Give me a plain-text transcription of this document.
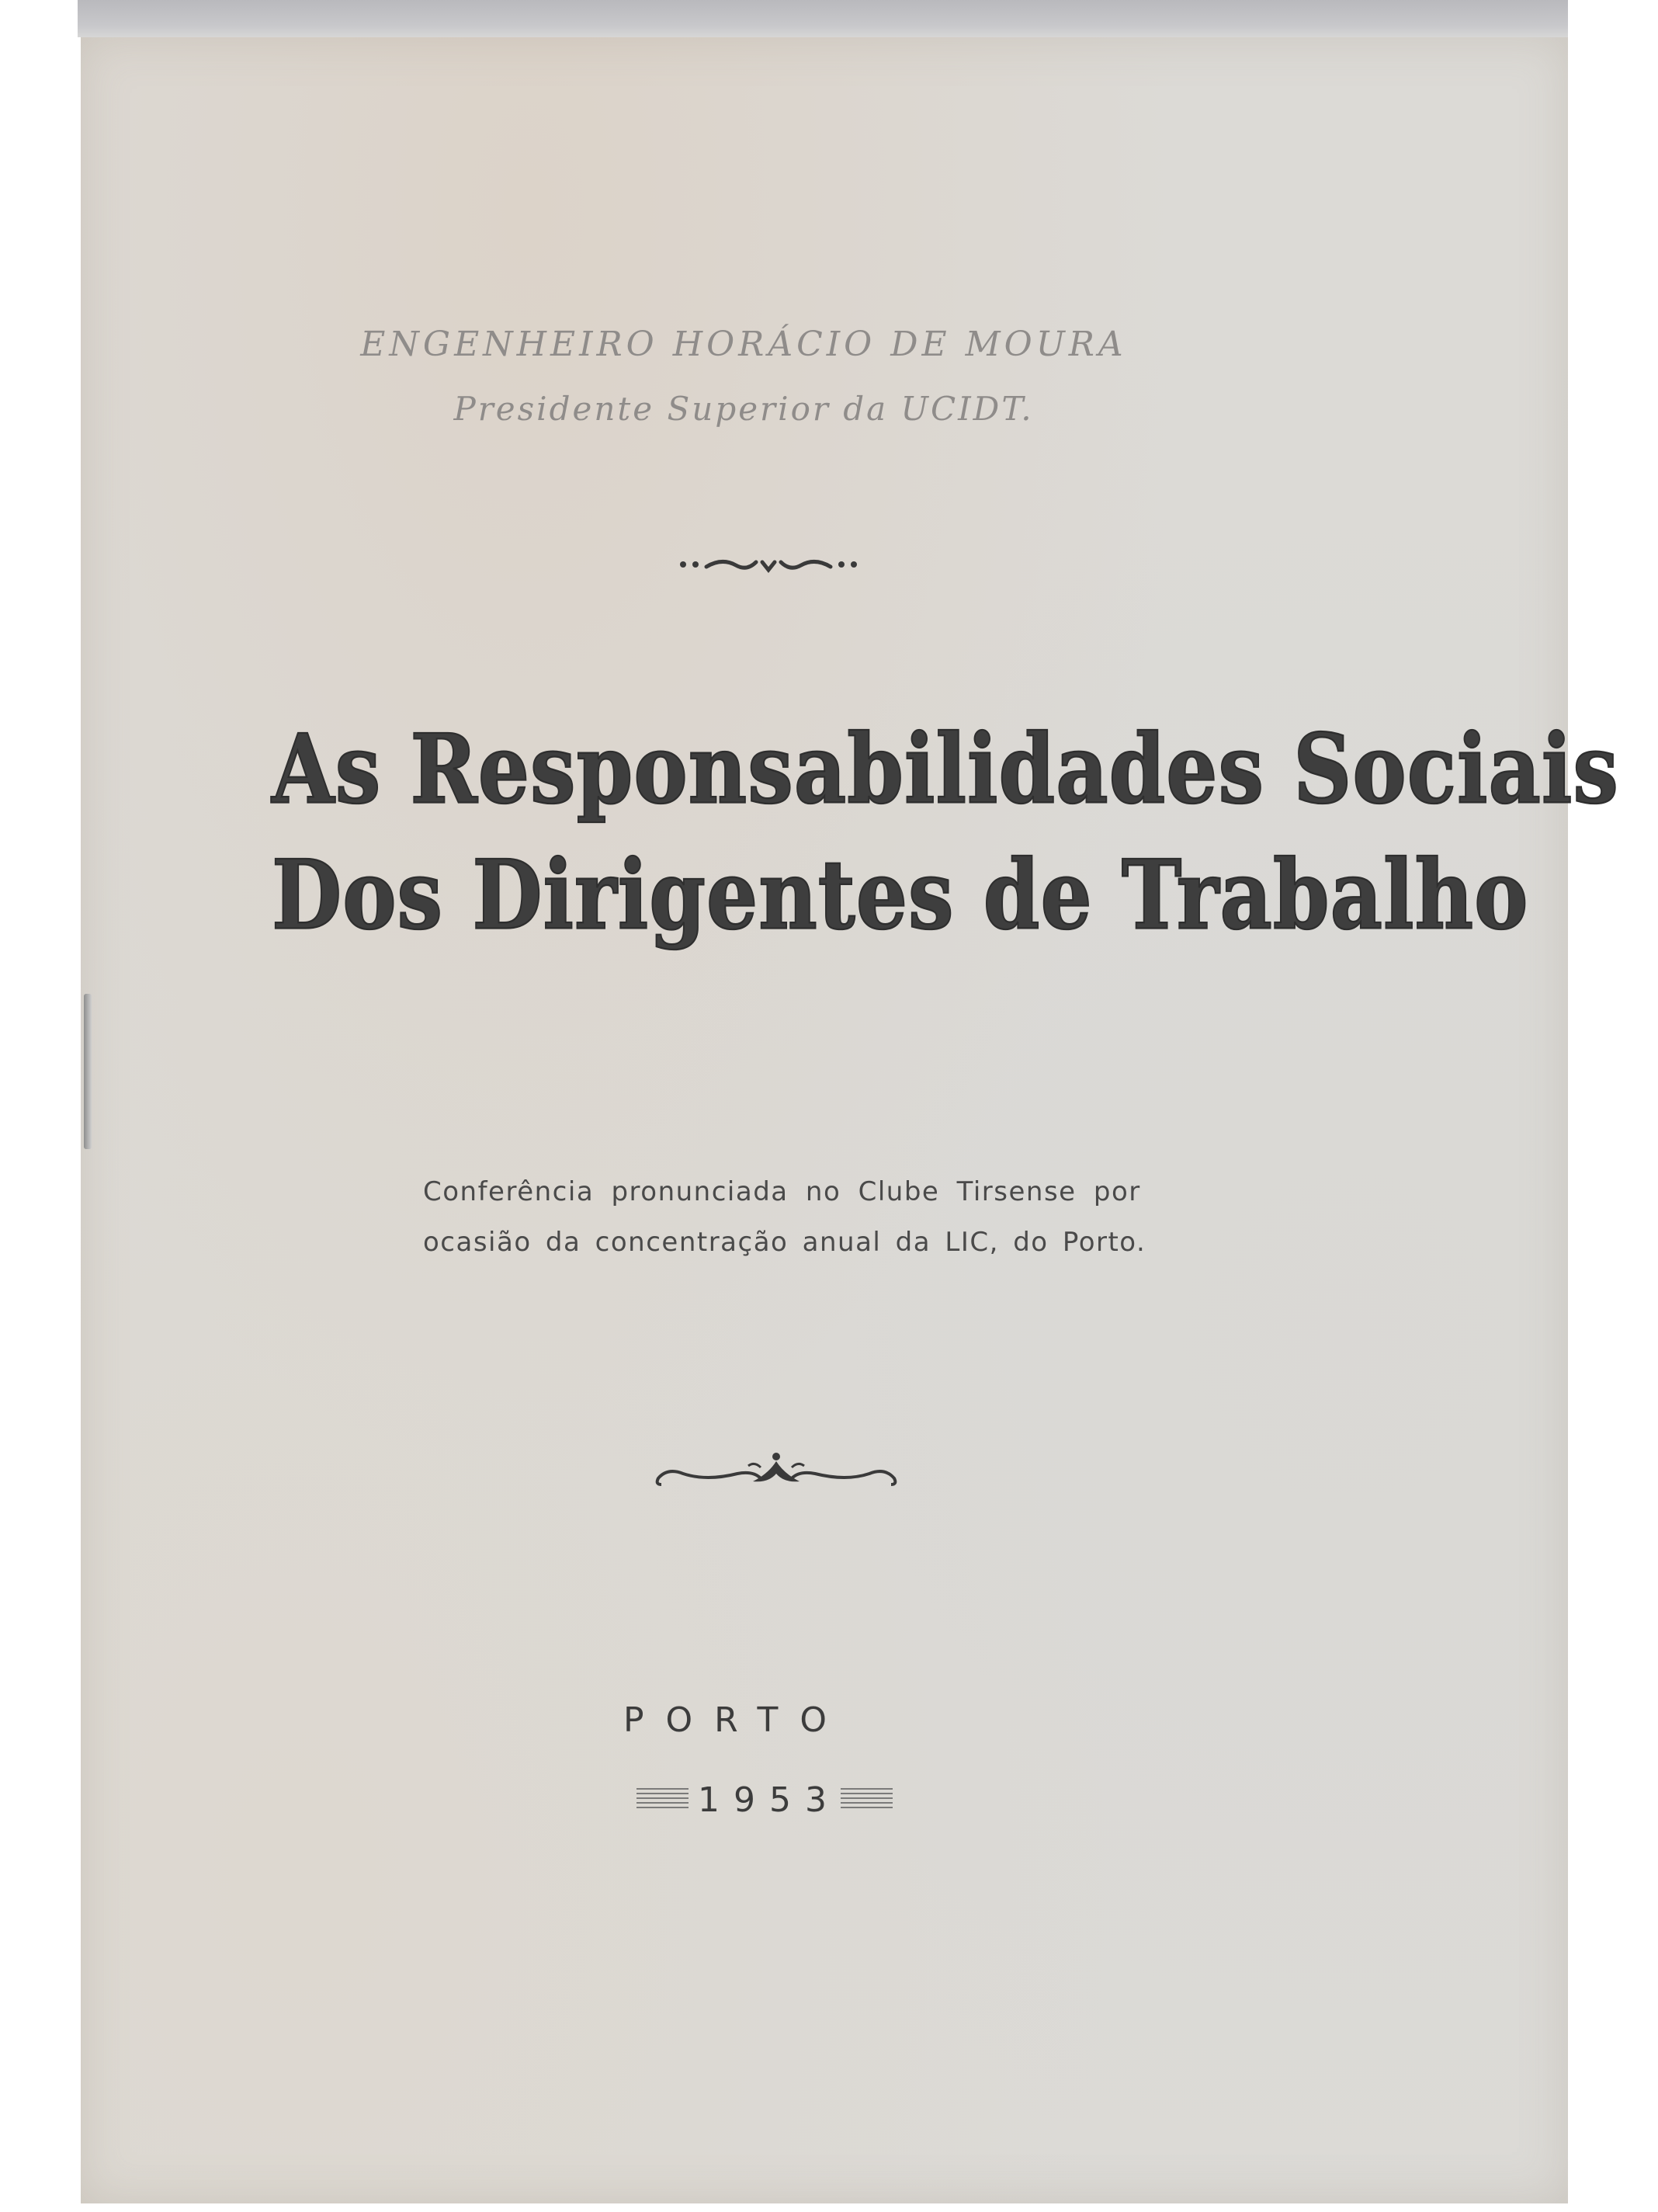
ENGENHEIRO HORÁCIO DE MOURA
Presidente Superior da UCIDT.
As Responsabilidades Sociais
Dos Dirigentes de Trabalho
Conferência pronunciada no Clube Tirsense por
ocasião da concentração anual da LIC, do Porto.
PORTO
1953
